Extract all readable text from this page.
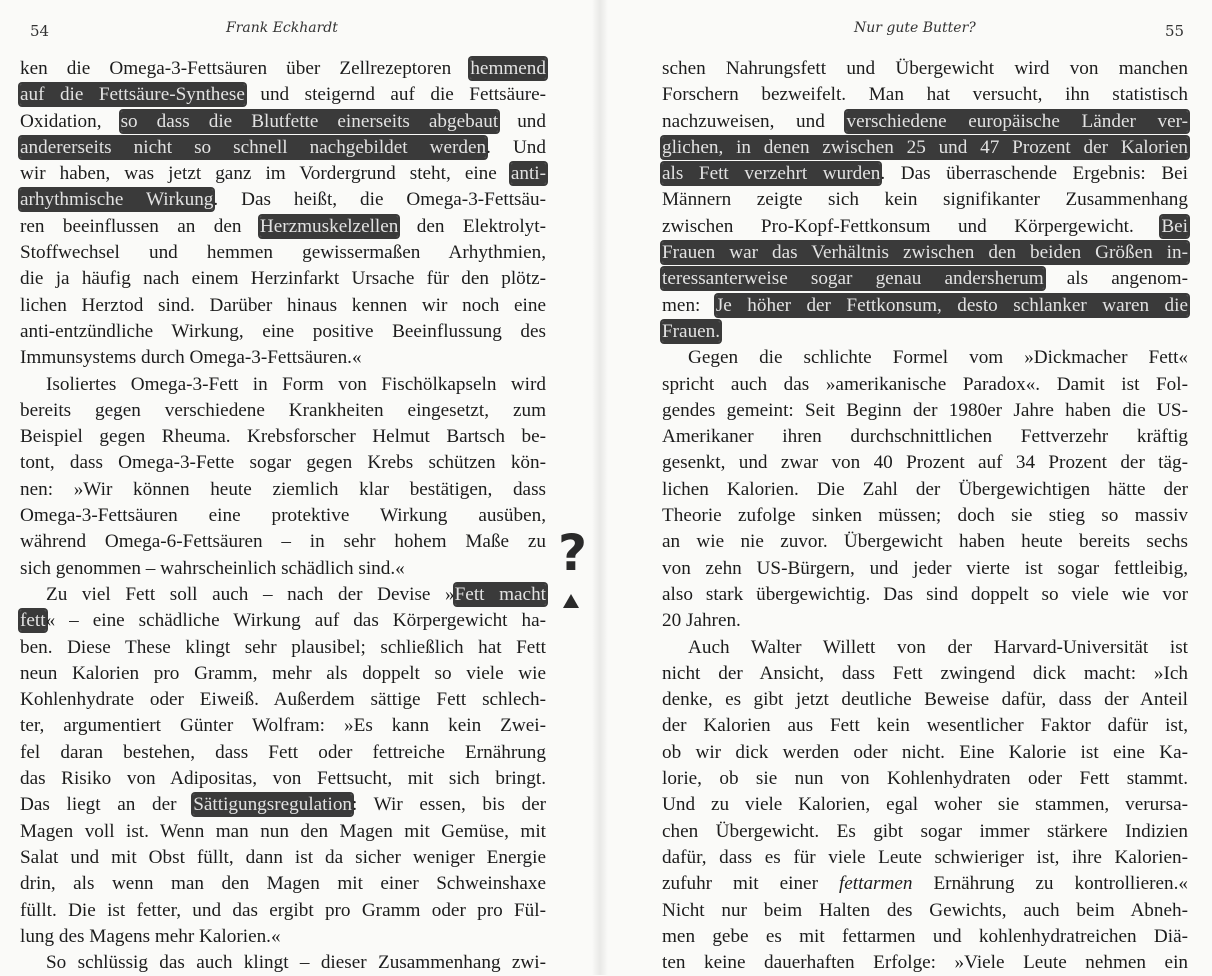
54	Frank Eckhardt
ken die Omega-3-Fettsäuren über Zellrezeptoren hemmend
auf die Fettsäure-Synthese und steigernd auf die Fettsäure-
Oxidation, so dass die Blutfette einerseits abgebaut und
andererseits nicht so schnell nachgebildet werden. Und
wir haben, was jetzt ganz im Vordergrund steht, eine anti-
arhythmische Wirkung. Das heißt, die Omega-3-Fettsäu-
ren beeinflussen an den Herzmuskelzellen den Elektrolyt-
Stoffwechsel und hemmen gewissermaßen Arhythmien,
die ja häufig nach einem Herzinfarkt Ursache für den plötz-
lichen Herztod sind. Darüber hinaus kennen wir noch eine
anti-entzündliche Wirkung, eine positive Beeinflussung des
Immunsystems durch Omega-3-Fettsäuren.«
Isoliertes Omega-3-Fett in Form von Fischölkapseln wird
bereits gegen verschiedene Krankheiten eingesetzt, zum
Beispiel gegen Rheuma. Krebsforscher Helmut Bartsch be-
tont, dass Omega-3-Fette sogar gegen Krebs schützen kön-
nen: »Wir können heute ziemlich klar bestätigen, dass
Omega-3-Fettsäuren eine protektive Wirkung ausüben,
während Omega-6-Fettsäuren – in sehr hohem Maße zu
sich genommen – wahrscheinlich schädlich sind.«
Zu viel Fett soll auch – nach der Devise »Fett macht
fett« – eine schädliche Wirkung auf das Körpergewicht ha-
ben. Diese These klingt sehr plausibel; schließlich hat Fett
neun Kalorien pro Gramm, mehr als doppelt so viele wie
Kohlenhydrate oder Eiweiß. Außerdem sättige Fett schlech-
ter, argumentiert Günter Wolfram: »Es kann kein Zwei-
fel daran bestehen, dass Fett oder fettreiche Ernährung
das Risiko von Adipositas, von Fettsucht, mit sich bringt.
Das liegt an der Sättigungsregulation: Wir essen, bis der
Magen voll ist. Wenn man nun den Magen mit Gemüse, mit
Salat und mit Obst füllt, dann ist da sicher weniger Energie
drin, als wenn man den Magen mit einer Schweinshaxe
füllt. Die ist fetter, und das ergibt pro Gramm oder pro Fül-
lung des Magens mehr Kalorien.«
So schlüssig das auch klingt – dieser Zusammenhang zwi-
Nur gute Butter?	55
schen Nahrungsfett und Übergewicht wird von manchen
Forschern bezweifelt. Man hat versucht, ihn statistisch
nachzuweisen, und verschiedene europäische Länder ver-
glichen, in denen zwischen 25 und 47 Prozent der Kalorien
als Fett verzehrt wurden. Das überraschende Ergebnis: Bei
Männern zeigte sich kein signifikanter Zusammenhang
zwischen Pro-Kopf-Fettkonsum und Körpergewicht. Bei
Frauen war das Verhältnis zwischen den beiden Größen in-
teressanterweise sogar genau andersherum als angenom-
men: Je höher der Fettkonsum, desto schlanker waren die
Frauen.
Gegen die schlichte Formel vom »Dickmacher Fett«
spricht auch das »amerikanische Paradox«. Damit ist Fol-
gendes gemeint: Seit Beginn der 1980er Jahre haben die US-
Amerikaner ihren durchschnittlichen Fettverzehr kräftig
gesenkt, und zwar von 40 Prozent auf 34 Prozent der täg-
lichen Kalorien. Die Zahl der Übergewichtigen hätte der
Theorie zufolge sinken müssen; doch sie stieg so massiv
an wie nie zuvor. Übergewicht haben heute bereits sechs
von zehn US-Bürgern, und jeder vierte ist sogar fettleibig,
also stark übergewichtig. Das sind doppelt so viele wie vor
20 Jahren.
Auch Walter Willett von der Harvard-Universität ist
nicht der Ansicht, dass Fett zwingend dick macht: »Ich
denke, es gibt jetzt deutliche Beweise dafür, dass der Anteil
der Kalorien aus Fett kein wesentlicher Faktor dafür ist,
ob wir dick werden oder nicht. Eine Kalorie ist eine Ka-
lorie, ob sie nun von Kohlenhydraten oder Fett stammt.
Und zu viele Kalorien, egal woher sie stammen, verursa-
chen Übergewicht. Es gibt sogar immer stärkere Indizien
dafür, dass es für viele Leute schwieriger ist, ihre Kalorien-
zufuhr mit einer fettarmen Ernährung zu kontrollieren.«
Nicht nur beim Halten des Gewichts, auch beim Abneh-
men gebe es mit fettarmen und kohlenhydratreichen Diä-
ten keine dauerhaften Erfolge: »Viele Leute nehmen ein
?
